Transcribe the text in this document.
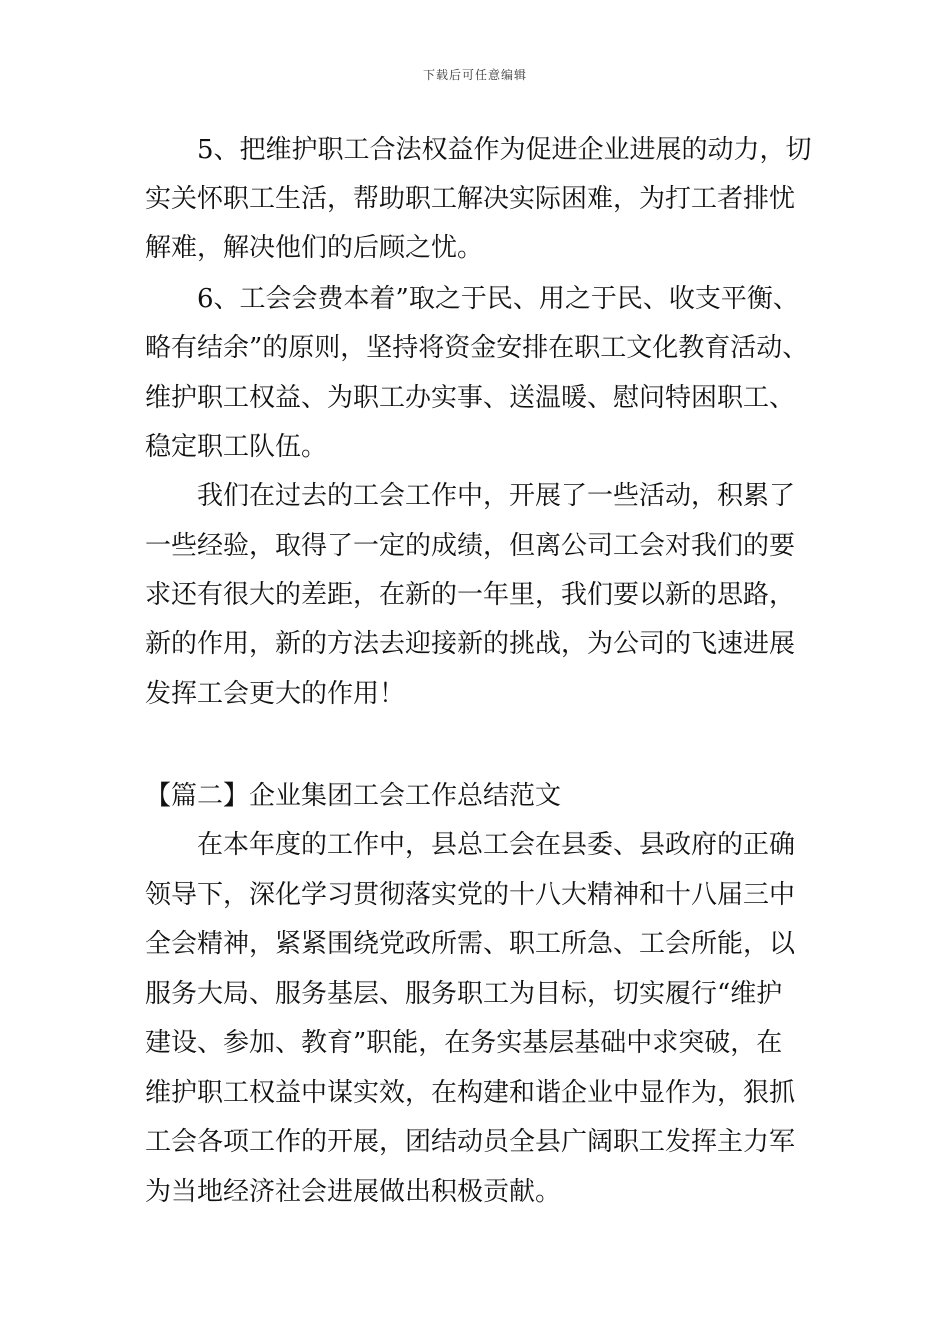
下载后可任意编辑
5、把维护职工合法权益作为促进企业进展的动力，切
实关怀职工生活，帮助职工解决实际困难，为打工者排忧
解难，解决他们的后顾之忧。
6、工会会费本着”取之于民、用之于民、收支平衡、
略有结余”的原则，坚持将资金安排在职工文化教育活动、
维护职工权益、为职工办实事、送温暖、慰问特困职工、
稳定职工队伍。
我们在过去的工会工作中，开展了一些活动，积累了
一些经验，取得了一定的成绩，但离公司工会对我们的要
求还有很大的差距，在新的一年里，我们要以新的思路，
新的作用，新的方法去迎接新的挑战，为公司的飞速进展
发挥工会更大的作用！
【篇二】企业集团工会工作总结范文
在本年度的工作中，县总工会在县委、县政府的正确
领导下，深化学习贯彻落实党的十八大精神和十八届三中
全会精神，紧紧围绕党政所需、职工所急、工会所能，以
服务大局、服务基层、服务职工为目标，切实履行“维护
建设、参加、教育”职能，在务实基层基础中求突破，在
维护职工权益中谋实效，在构建和谐企业中显作为，狠抓
工会各项工作的开展，团结动员全县广阔职工发挥主力军
为当地经济社会进展做出积极贡献。
